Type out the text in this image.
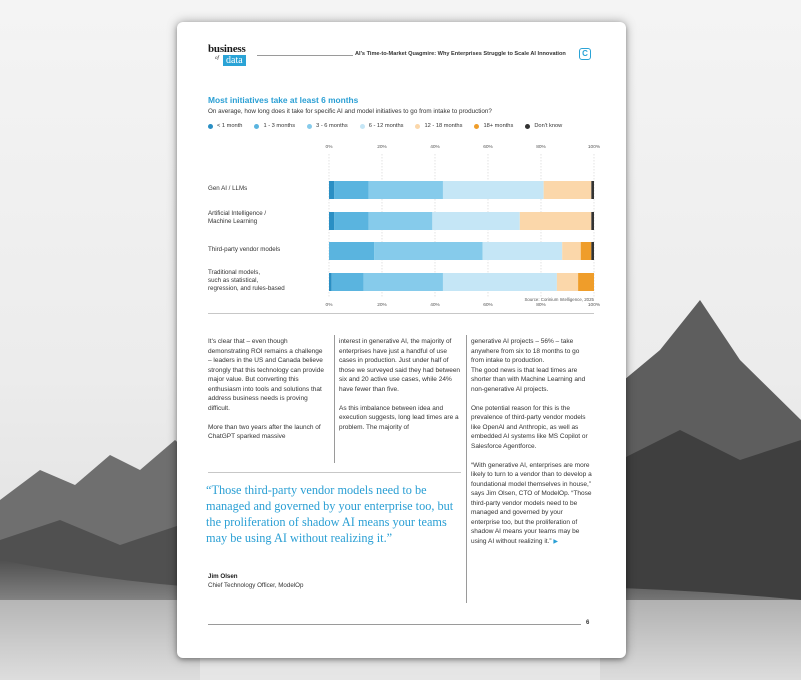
business
of data
AI's Time-to-Market Quagmire: Why Enterprises Struggle to Scale AI Innovation	C
Most initiatives take at least 6 months
On average, how long does it take for specific AI and model initiatives to go from intake to production?
< 1 month	1 - 3 months	3 - 6 months	6 - 12 months	12 - 18 months	18+ months	Don't know
0%
0%
20%
20%
40%
40%
60%
60%
80%
80%
100%
100%
Gen AI / LLMs
Artificial Intelligence /
Machine Learning
Third-party vendor models
Traditional models,
such as statistical,
regression, and rules-based
Source: Corinium Intelligence, 2025

It's clear that – even though demonstrating ROI remains a challenge – leaders in the US and Canada believe strongly that this technology can provide major value. But converting this enthusiasm into tools and solutions that address business needs is proving difficult.

More than two years after the launch of ChatGPT sparked massive

interest in generative AI, the majority of enterprises have just a handful of use cases in production. Just under half of those we surveyed said they had between six and 20 active use cases, while 24% have fewer than five.

As this imbalance between idea and execution suggests, long lead times are a problem. The majority of

generative AI projects – 56% – take anywhere from six to 18 months to go from intake to production.

The good news is that lead times are shorter than with Machine Learning and non-generative AI projects.

One potential reason for this is the prevalence of third-party vendor models like OpenAI and Anthropic, as well as embedded AI systems like MS Copilot or Salesforce Agentforce.

“With generative AI, enterprises are more likely to turn to a vendor than to develop a foundational model themselves in house,” says Jim Olsen, CTO of ModelOp. “Those third-party vendor models need to be managed and governed by your enterprise too, but the proliferation of shadow AI means your teams may be using AI without realizing it.” ▶

“Those third-party vendor models need to be managed and governed by your enterprise too, but the proliferation of shadow AI means your teams may be using AI without realizing it.”
Jim Olsen
Chief Technology Officer, ModelOp
6
